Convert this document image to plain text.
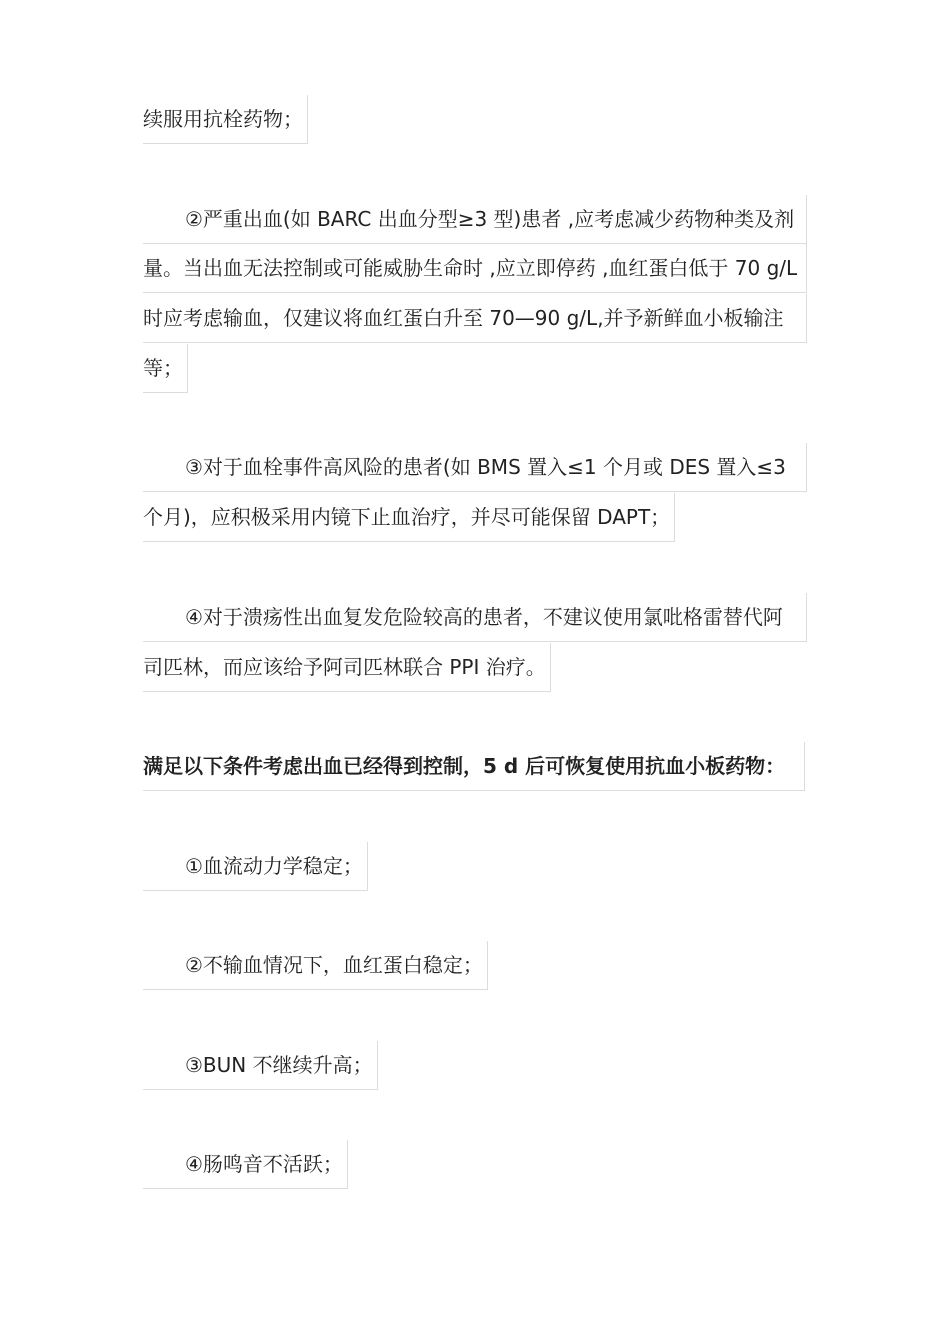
续服用抗栓药物；
②严重出血(如 BARC 出血分型≥3 型)患者 ,应考虑减少药物种类及剂
量。当出血无法控制或可能威胁生命时 ,应立即停药 ,血红蛋白低于 70 g/L
时应考虑输血，仅建议将血红蛋白升至 70—90 g/L,并予新鲜血小板输注
等；
③对于血栓事件高风险的患者(如 BMS 置入≤1 个月或 DES 置入≤3
个月)，应积极采用内镜下止血治疗，并尽可能保留 DAPT；
④对于溃疡性出血复发危险较高的患者，不建议使用氯吡格雷替代阿
司匹林，而应该给予阿司匹林联合 PPI 治疗。
满足以下条件考虑出血已经得到控制，5 d 后可恢复使用抗血小板药物：
①血流动力学稳定；
②不输血情况下，血红蛋白稳定；
③BUN 不继续升高；
④肠鸣音不活跃；
